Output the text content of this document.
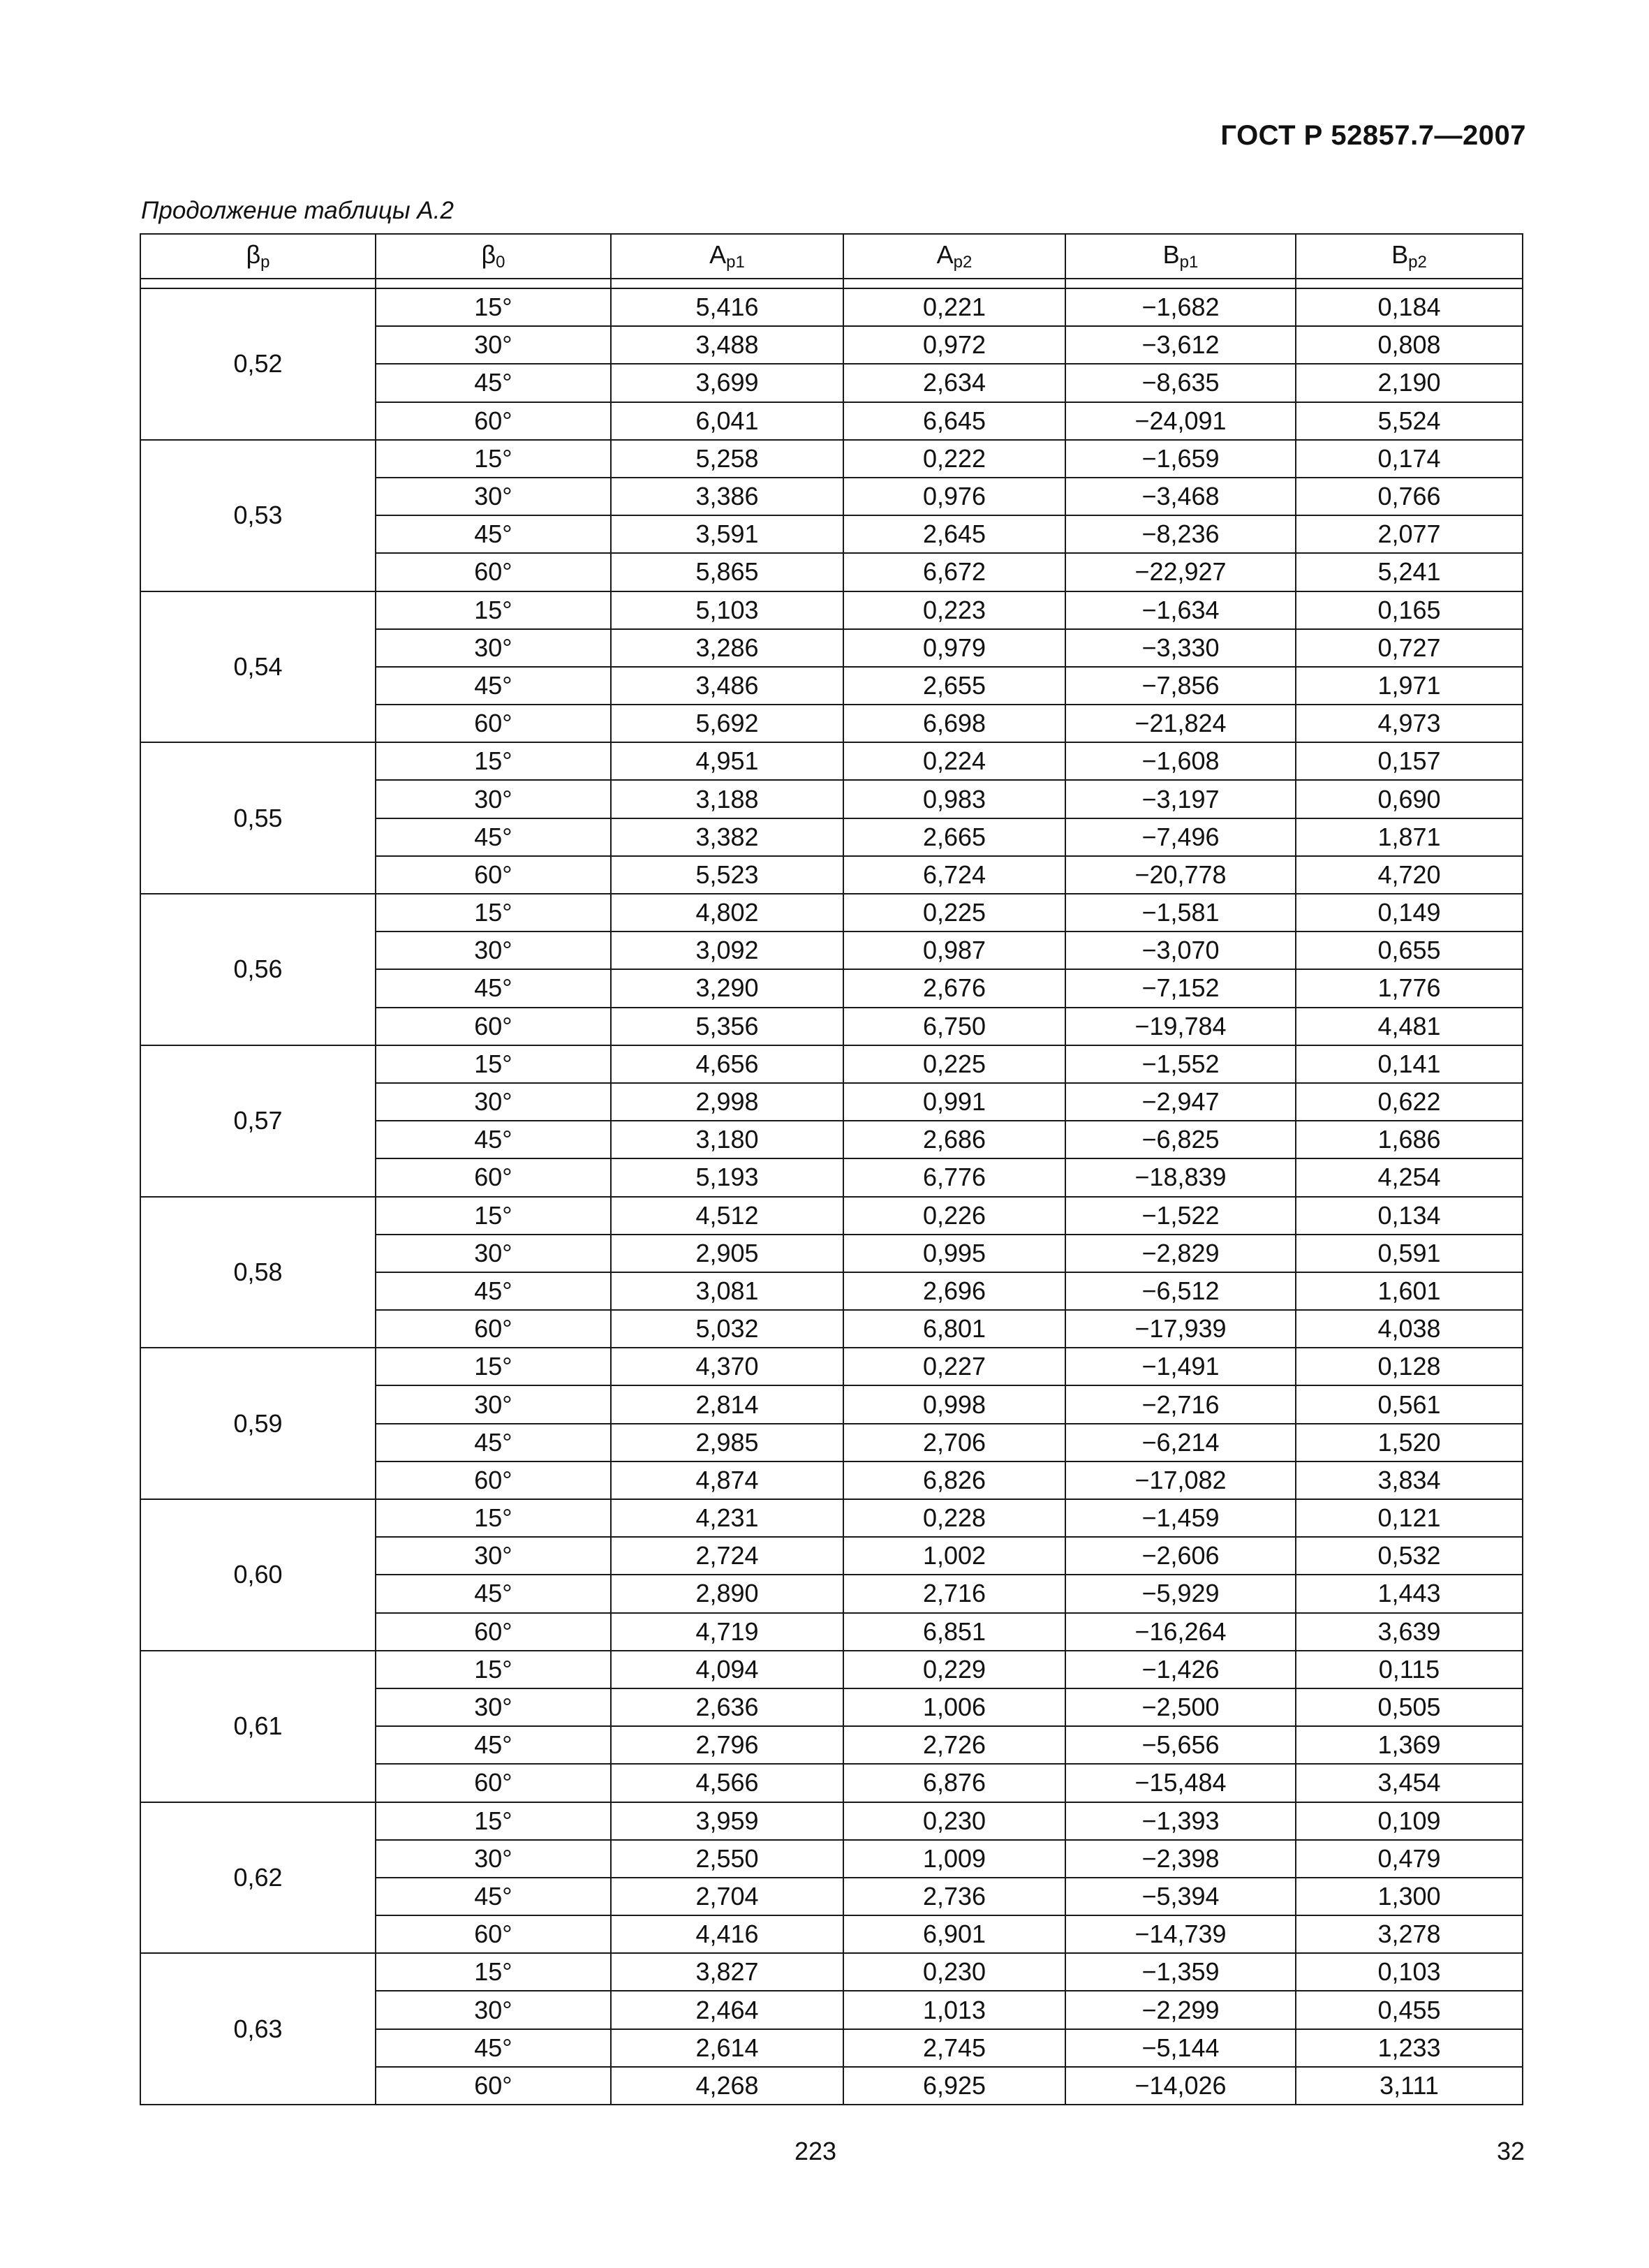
ГОСТ Р 52857.7—2007
Продолжение таблицы А.2
$\beta_p$	$\beta_0$	$A_{p1}$	$A_{p2}$	$B_{p1}$	$B_{p2}$

0,52	15°	5,416	0,221	−1,682	0,184
	30°	3,488	0,972	−3,612	0,808
	45°	3,699	2,634	−8,635	2,190
	60°	6,041	6,645	−24,091	5,524
0,53	15°	5,258	0,222	−1,659	0,174
	30°	3,386	0,976	−3,468	0,766
	45°	3,591	2,645	−8,236	2,077
	60°	5,865	6,672	−22,927	5,241
0,54	15°	5,103	0,223	−1,634	0,165
	30°	3,286	0,979	−3,330	0,727
	45°	3,486	2,655	−7,856	1,971
	60°	5,692	6,698	−21,824	4,973
0,55	15°	4,951	0,224	−1,608	0,157
	30°	3,188	0,983	−3,197	0,690
	45°	3,382	2,665	−7,496	1,871
	60°	5,523	6,724	−20,778	4,720
0,56	15°	4,802	0,225	−1,581	0,149
	30°	3,092	0,987	−3,070	0,655
	45°	3,290	2,676	−7,152	1,776
	60°	5,356	6,750	−19,784	4,481
0,57	15°	4,656	0,225	−1,552	0,141
	30°	2,998	0,991	−2,947	0,622
	45°	3,180	2,686	−6,825	1,686
	60°	5,193	6,776	−18,839	4,254
0,58	15°	4,512	0,226	−1,522	0,134
	30°	2,905	0,995	−2,829	0,591
	45°	3,081	2,696	−6,512	1,601
	60°	5,032	6,801	−17,939	4,038
0,59	15°	4,370	0,227	−1,491	0,128
	30°	2,814	0,998	−2,716	0,561
	45°	2,985	2,706	−6,214	1,520
	60°	4,874	6,826	−17,082	3,834
0,60	15°	4,231	0,228	−1,459	0,121
	30°	2,724	1,002	−2,606	0,532
	45°	2,890	2,716	−5,929	1,443
	60°	4,719	6,851	−16,264	3,639
0,61	15°	4,094	0,229	−1,426	0,115
	30°	2,636	1,006	−2,500	0,505
	45°	2,796	2,726	−5,656	1,369
	60°	4,566	6,876	−15,484	3,454
0,62	15°	3,959	0,230	−1,393	0,109
	30°	2,550	1,009	−2,398	0,479
	45°	2,704	2,736	−5,394	1,300
	60°	4,416	6,901	−14,739	3,278
0,63	15°	3,827	0,230	−1,359	0,103
	30°	2,464	1,013	−2,299	0,455
	45°	2,614	2,745	−5,144	1,233
	60°	4,268	6,925	−14,026	3,111
223	32
